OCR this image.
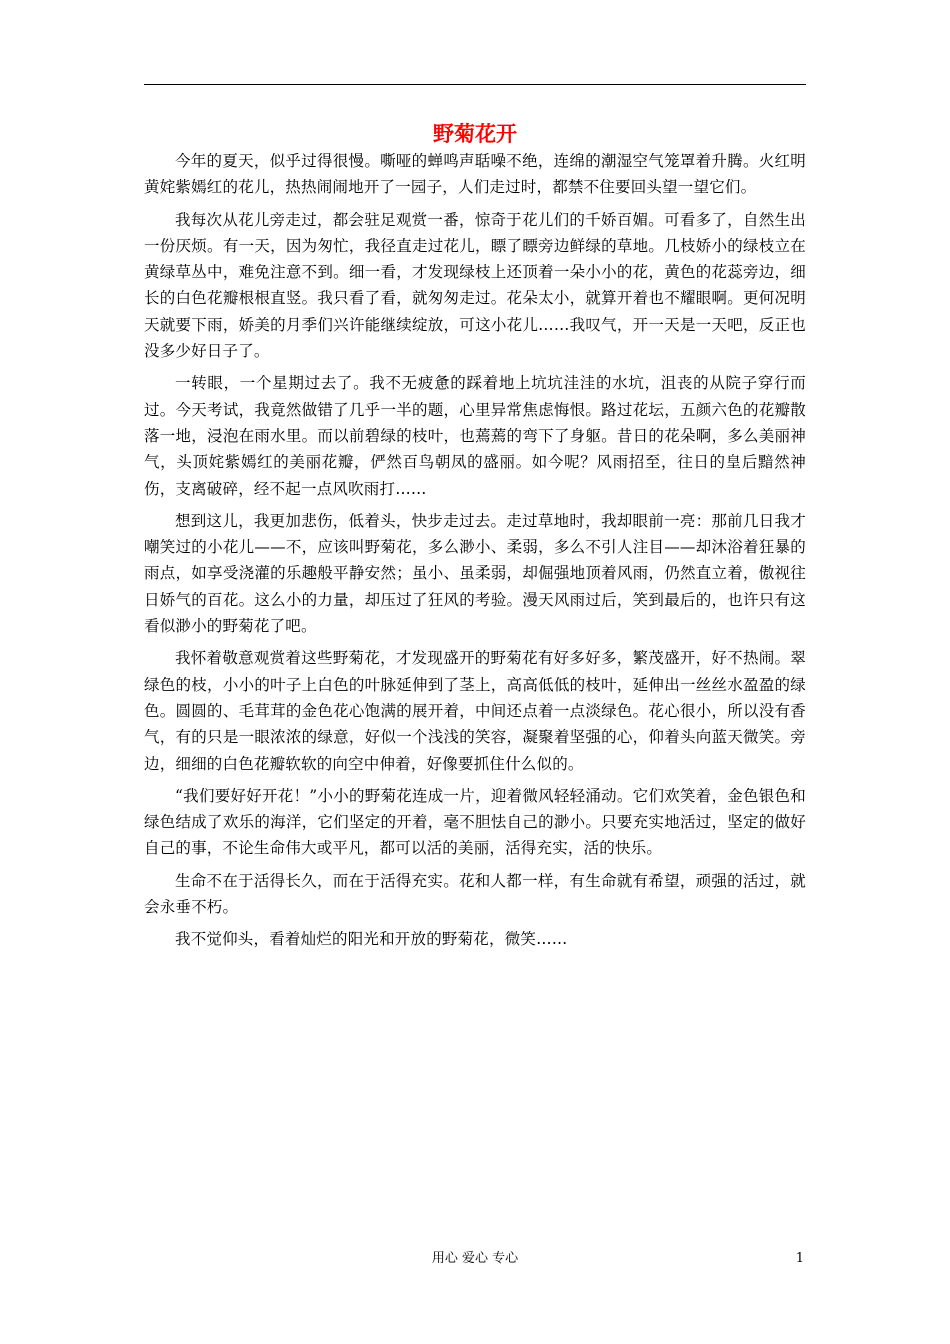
野菊花开

今年的夏天，似乎过得很慢。嘶哑的蝉鸣声聒噪不绝，连绵的潮湿空气笼罩着升腾。火红明黄姹紫嫣红的花儿，热热闹闹地开了一园子，人们走过时，都禁不住要回头望一望它们。

我每次从花儿旁走过，都会驻足观赏一番，惊奇于花儿们的千娇百媚。可看多了，自然生出一份厌烦。有一天，因为匆忙，我径直走过花儿，瞟了瞟旁边鲜绿的草地。几枝娇小的绿枝立在黄绿草丛中，难免注意不到。细一看，才发现绿枝上还顶着一朵小小的花，黄色的花蕊旁边，细长的白色花瓣根根直竖。我只看了看，就匆匆走过。花朵太小，就算开着也不耀眼啊。更何况明天就要下雨，娇美的月季们兴许能继续绽放，可这小花儿……我叹气，开一天是一天吧，反正也没多少好日子了。

一转眼，一个星期过去了。我不无疲惫的踩着地上坑坑洼洼的水坑，沮丧的从院子穿行而过。今天考试，我竟然做错了几乎一半的题，心里异常焦虑悔恨。路过花坛，五颜六色的花瓣散落一地，浸泡在雨水里。而以前碧绿的枝叶，也蔫蔫的弯下了身躯。昔日的花朵啊，多么美丽神气，头顶姹紫嫣红的美丽花瓣，俨然百鸟朝凤的盛丽。如今呢？风雨招至，往日的皇后黯然神伤，支离破碎，经不起一点风吹雨打……

想到这儿，我更加悲伤，低着头，快步走过去。走过草地时，我却眼前一亮：那前几日我才嘲笑过的小花儿——不，应该叫野菊花，多么渺小、柔弱，多么不引人注目——却沐浴着狂暴的雨点，如享受浇灌的乐趣般平静安然；虽小、虽柔弱，却倔强地顶着风雨，仍然直立着，傲视往日娇气的百花。这么小的力量，却压过了狂风的考验。漫天风雨过后，笑到最后的，也许只有这看似渺小的野菊花了吧。

我怀着敬意观赏着这些野菊花，才发现盛开的野菊花有好多好多，繁茂盛开，好不热闹。翠绿色的枝，小小的叶子上白色的叶脉延伸到了茎上，高高低低的枝叶，延伸出一丝丝水盈盈的绿色。圆圆的、毛茸茸的金色花心饱满的展开着，中间还点着一点淡绿色。花心很小，所以没有香气，有的只是一眼浓浓的绿意，好似一个浅浅的笑容，凝聚着坚强的心，仰着头向蓝天微笑。旁边，细细的白色花瓣软软的向空中伸着，好像要抓住什么似的。

“我们要好好开花！”小小的野菊花连成一片，迎着微风轻轻涌动。它们欢笑着，金色银色和绿色结成了欢乐的海洋，它们坚定的开着，毫不胆怯自己的渺小。只要充实地活过，坚定的做好自己的事，不论生命伟大或平凡，都可以活的美丽，活得充实，活的快乐。

生命不在于活得长久，而在于活得充实。花和人都一样，有生命就有希望，顽强的活过，就会永垂不朽。

我不觉仰头，看着灿烂的阳光和开放的野菊花，微笑……

用心 爱心 专心	1
